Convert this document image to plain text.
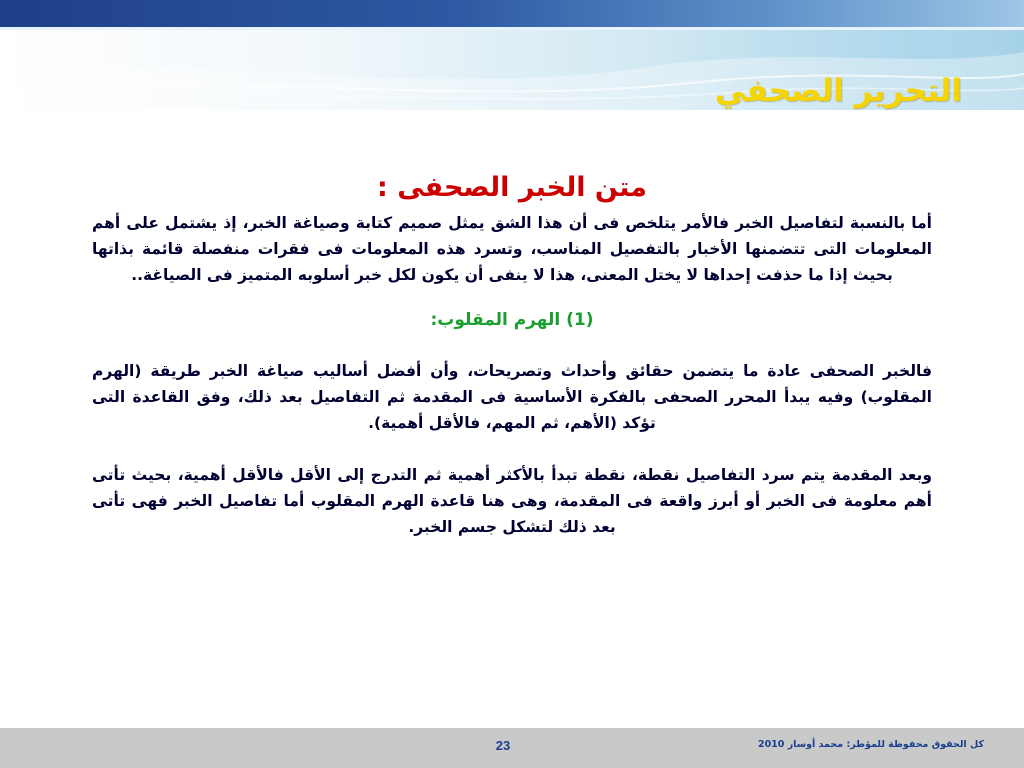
التحرير الصحفي
متن الخبر الصحفى :

أما بالنسبة لتفاصيل الخبر فالأمر يتلخص فى أن هذا الشق يمثل صميم كتابة وصياغة الخبر، إذ يشتمل على أهم المعلومات التى تتضمنها الأخبار بالتفصيل المناسب، وتسرد هذه المعلومات فى فقرات منفصلة قائمة بذاتها بحيث إذا ما حذفت إحداها لا يختل المعنى، هذا لا ينفى أن يكون لكل خبر أسلوبه المتميز فى الصياغة..

(1) الهرم المقلوب:

فالخبر الصحفى عادة ما يتضمن حقائق وأحداث وتصريحات، وأن أفضل أساليب صياغة الخبر طريقة (الهرم المقلوب) وفيه يبدأ المحرر الصحفى بالفكرة الأساسية فى المقدمة ثم التفاصيل بعد ذلك، وفق القاعدة التى تؤكد (الأهم، ثم المهم، فالأقل أهمية).

وبعد المقدمة يتم سرد التفاصيل نقطة، نقطة تبدأ بالأكثر أهمية ثم التدرج إلى الأقل فالأقل أهمية، بحيث تأتى أهم معلومة فى الخبر أو أبرز واقعة فى المقدمة، وهى هنا قاعدة الهرم المقلوب أما تفاصيل الخبر فهى تأتى بعد ذلك لتشكل جسم الخبر.

23	كل الحقوق محفوظة للمؤطر: محمد أوسار 2010
